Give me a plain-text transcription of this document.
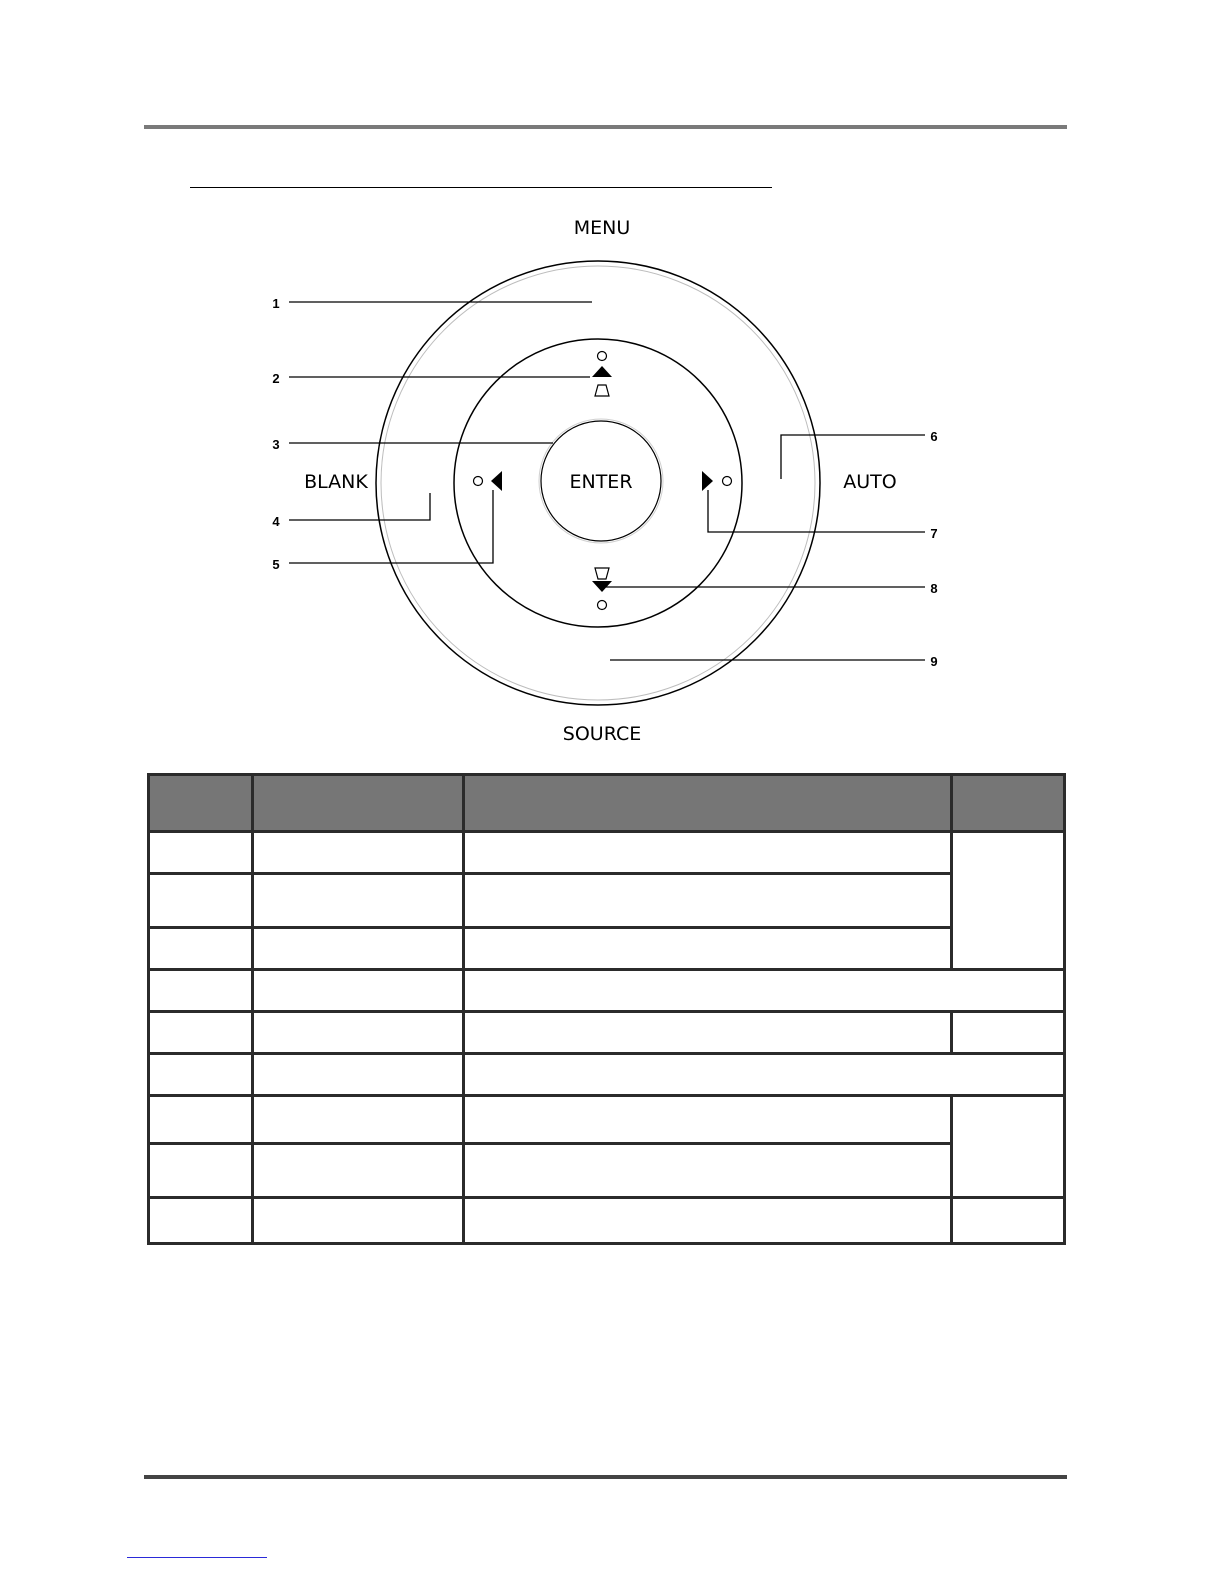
MENU
SOURCE
BLANK	AUTO
ENTER
1
2
3
4
5
6
7
8
9
